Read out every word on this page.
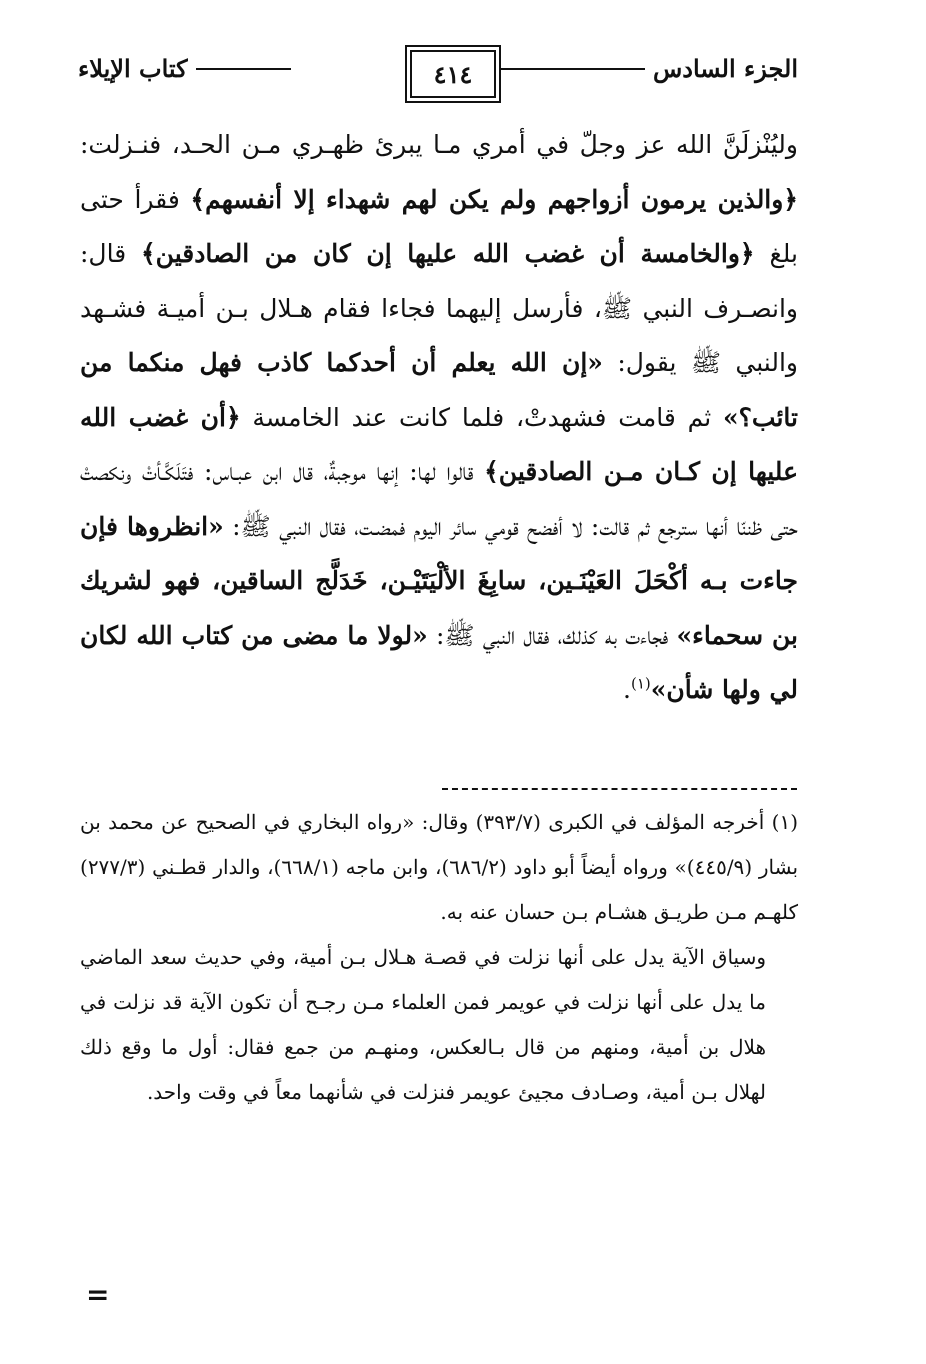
الجزء السادس
٤١٤
كتاب الإيلاء

وليُنْزلَنَّ الله عز وجلّ في أمري مـا يبرئ ظهـري مـن الحـد، فنـزلت: ﴿والذين يرمون أزواجهم ولم يكن لهم شهداء إلا أنفسهم﴾ فقرأ حتى بلغ ﴿والخامسة أن غضب الله عليها إن كان من الصادقين﴾ قال: وانصـرف النبي ﷺ، فأرسل إليهما فجاءا فقام هـلال بـن أميـة فشـهد والنبي ﷺ يقول: «إن الله يعلم أن أحدكما كاذب فهل منكما من تائب؟» ثم قامت فشهدتْ، فلما كانت عند الخامسة ﴿أن غضب الله عليها إن كـان مـن الصادقين﴾ قالوا لها: إنها موجبةٌ، قال ابن عبـاس: فتَلَكَّـأتْ ونكصتْ حتى ظننّا أنها سترجع ثم قالت: لا أفضح قومي سائر اليوم فمضـت، فقال النبي ﷺ: «انظروها فإن جاءت بـه أكْحَلَ العَيْنَـين، سابِغَ الألْيَتَيْـن، خَدَلَّج الساقين، فهو لشريك بن سحماء» فجاءت به كذلك، فقال النبي ﷺ: «لولا ما مضى من كتاب الله لكان لي ولها شأن»$^{(١)}$.

(١) أخرجه المؤلف في الكبرى (٣٩٣/٧) وقال: «رواه البخاري في الصحيح عن محمد بن بشار (٤٤٥/٩)» ورواه أيضاً أبو داود (٦٨٦/٢)، وابن ماجه (٦٦٨/١)، والدار قطـني (٢٧٧/٣) كلهـم مـن طريـق هشـام بـن حسان عنه به.

وسياق الآية يدل على أنها نزلت في قصـة هـلال بـن أمية، وفي حديث سعد الماضي ما يدل على أنها نزلت في عويمر فمن العلماء مـن رجـح أن تكون الآية قد نزلت في هلال بن أمية، ومنهم من قال بـالعكس، ومنهـم من جمع فقال: أول ما وقع ذلك لهلال بـن أمية، وصـادف مجيئ عويمر فنزلت في شأنهما معاً في وقت واحد.

=
